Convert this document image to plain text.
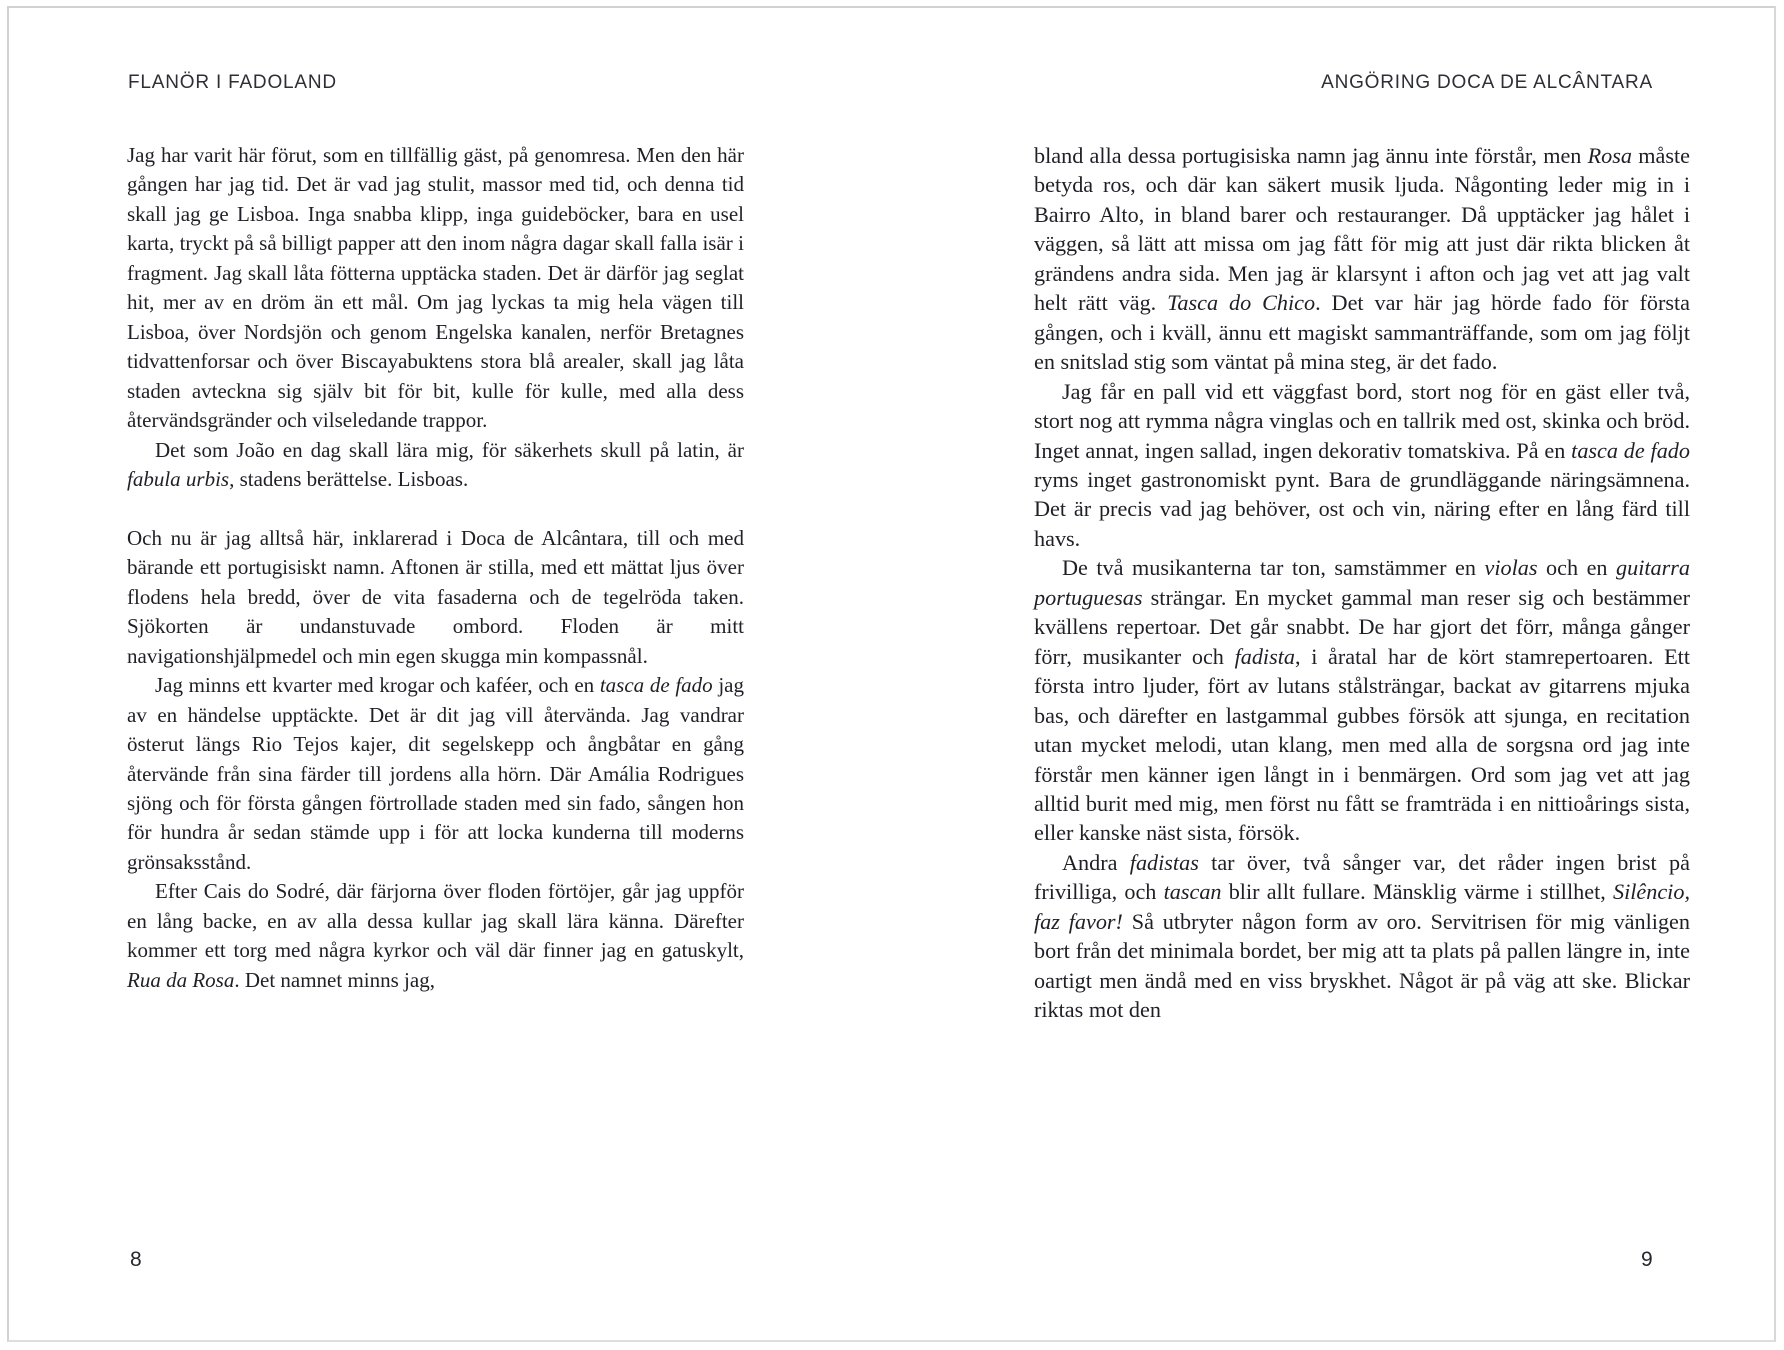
FLANÖR I FADOLAND	ANGÖRING DOCA DE ALCÂNTARA

Jag har varit här förut, som en tillfällig gäst, på genomresa. Men den här gången har jag tid. Det är vad jag stulit, massor med tid, och denna tid skall jag ge Lisboa. Inga snabba klipp, inga guideböcker, bara en usel karta, tryckt på så billigt papper att den inom några dagar skall falla isär i fragment. Jag skall låta fötterna upptäcka staden. Det är därför jag seglat hit, mer av en dröm än ett mål. Om jag lyckas ta mig hela vägen till Lisboa, över Nordsjön och genom Engelska kanalen, nerför Bretagnes tidvattenforsar och över Biscayabuktens stora blå arealer, skall jag låta staden avteckna sig själv bit för bit, kulle för kulle, med alla dess återvändsgränder och vilseledande trappor.

Det som João en dag skall lära mig, för säkerhets skull på latin, är fabula urbis, stadens berättelse. Lisboas.

Och nu är jag alltså här, inklarerad i Doca de Alcântara, till och med bärande ett portugisiskt namn. Aftonen är stilla, med ett mättat ljus över flodens hela bredd, över de vita fasaderna och de tegelröda taken. Sjökorten är undanstuvade ombord. Floden är mitt navigationshjälpmedel och min egen skugga min kompassnål.

Jag minns ett kvarter med krogar och kaféer, och en tasca de fado jag av en händelse upptäckte. Det är dit jag vill återvända. Jag vandrar österut längs Rio Tejos kajer, dit segelskepp och ångbåtar en gång återvände från sina färder till jordens alla hörn. Där Amália Rodrigues sjöng och för första gången förtrollade staden med sin fado, sången hon för hundra år sedan stämde upp i för att locka kunderna till moderns grönsaksstånd.

Efter Cais do Sodré, där färjorna över floden förtöjer, går jag uppför en lång backe, en av alla dessa kullar jag skall lära känna. Därefter kommer ett torg med några kyrkor och väl där finner jag en gatuskylt, Rua da Rosa. Det namnet minns jag,

bland alla dessa portugisiska namn jag ännu inte förstår, men Rosa måste betyda ros, och där kan säkert musik ljuda. Någonting leder mig in i Bairro Alto, in bland barer och restauranger. Då upptäcker jag hålet i väggen, så lätt att missa om jag fått för mig att just där rikta blicken åt grändens andra sida. Men jag är klarsynt i afton och jag vet att jag valt helt rätt väg. Tasca do Chico. Det var här jag hörde fado för första gången, och i kväll, ännu ett magiskt sammanträffande, som om jag följt en snitslad stig som väntat på mina steg, är det fado.

Jag får en pall vid ett väggfast bord, stort nog för en gäst eller två, stort nog att rymma några vinglas och en tallrik med ost, skinka och bröd. Inget annat, ingen sallad, ingen dekorativ tomatskiva. På en tasca de fado ryms inget gastronomiskt pynt. Bara de grundläggande näringsämnena. Det är precis vad jag behöver, ost och vin, näring efter en lång färd till havs.

De två musikanterna tar ton, samstämmer en violas och en guitarra portuguesas strängar. En mycket gammal man reser sig och bestämmer kvällens repertoar. Det går snabbt. De har gjort det förr, många gånger förr, musikanter och fadista, i åratal har de kört stamrepertoaren. Ett första intro ljuder, fört av lutans stålsträngar, backat av gitarrens mjuka bas, och därefter en lastgammal gubbes försök att sjunga, en recitation utan mycket melodi, utan klang, men med alla de sorgsna ord jag inte förstår men känner igen långt in i benmärgen. Ord som jag vet att jag alltid burit med mig, men först nu fått se framträda i en nittioårings sista, eller kanske näst sista, försök.

Andra fadistas tar över, två sånger var, det råder ingen brist på frivilliga, och tascan blir allt fullare. Mänsklig värme i stillhet, Silêncio, faz favor! Så utbryter någon form av oro. Servitrisen för mig vänligen bort från det minimala bordet, ber mig att ta plats på pallen längre in, inte oartigt men ändå med en viss bryskhet. Något är på väg att ske. Blickar riktas mot den

8	9
